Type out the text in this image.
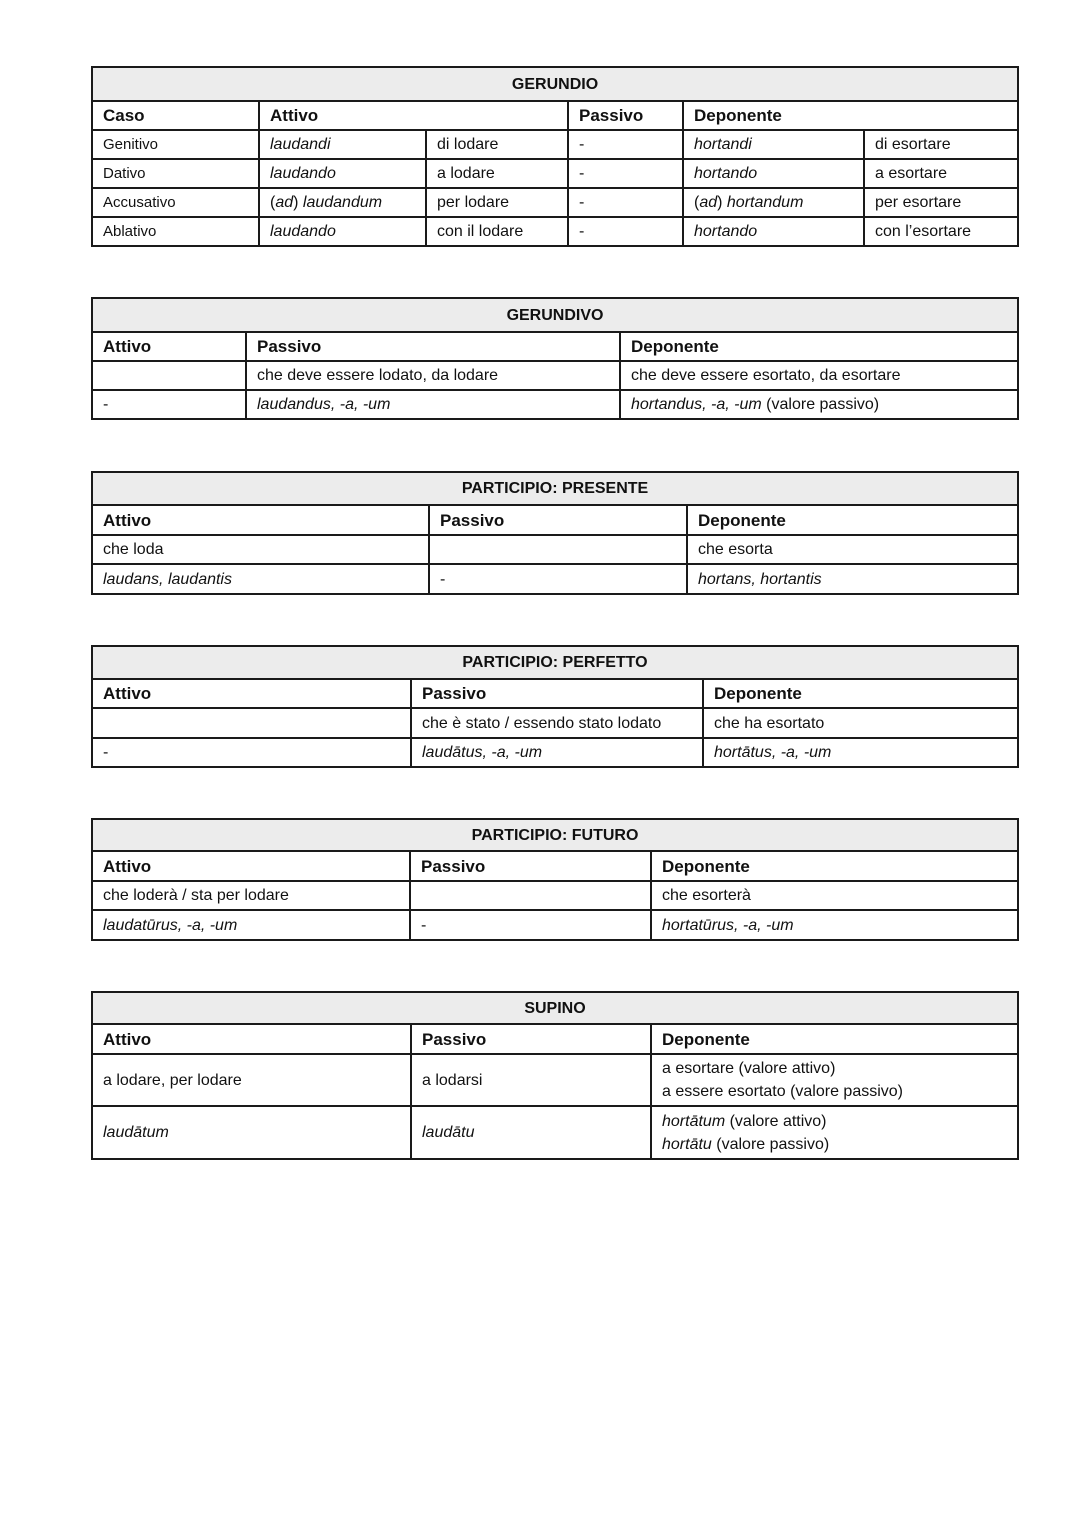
GERUNDIO					
Caso	Attivo		Passivo	Deponente	
Genitivo	laudandi	di lodare	-	hortandi	di esortare
Dativo	laudando	a lodare	-	hortando	a esortare
Accusativo	(ad) laudandum	per lodare	-	(ad) hortandum	per esortare
Ablativo	laudando	con il lodare	-	hortando	con l’esortare
GERUNDIVO		
Attivo	Passivo	Deponente
	che deve essere lodato, da lodare	che deve essere esortato, da esortare
-	laudandus, -a, -um	hortandus, -a, -um (valore passivo)
PARTICIPIO: PRESENTE		
Attivo	Passivo	Deponente
che loda		che esorta
laudans, laudantis	-	hortans, hortantis
PARTICIPIO: PERFETTO		
Attivo	Passivo	Deponente
	che è stato / essendo stato lodato	che ha esortato
-	laudātus, -a, -um	hortātus, -a, -um
PARTICIPIO: FUTURO		
Attivo	Passivo	Deponente
che loderà / sta per lodare		che esorterà
laudatūrus, -a, -um	-	hortatūrus, -a, -um
SUPINO		
Attivo	Passivo	Deponente
a lodare, per lodare	a lodarsi	a esortare (valore attivo)
a essere esortato (valore passivo)
laudātum	laudātu	hortātum (valore attivo)
hortātu (valore passivo)
